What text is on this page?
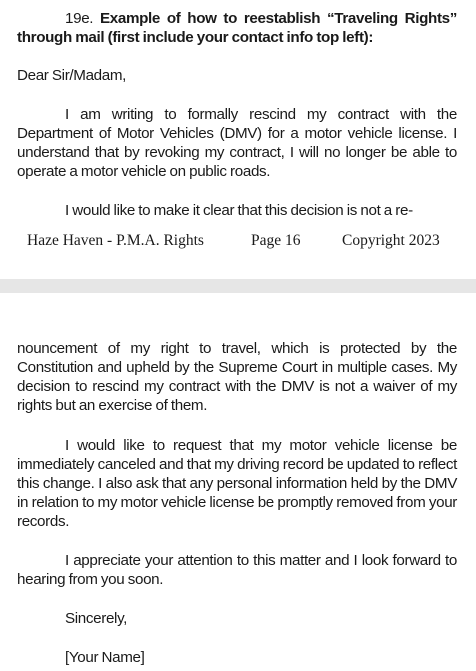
19e. Example of how to reestablish “Traveling Rights” through mail (first include your contact info top left):

Dear Sir/Madam,

I am writing to formally rescind my contract with the Department of Motor Vehicles (DMV) for a motor vehicle license. I understand that by revoking my contract, I will no longer be able to operate a motor vehicle on public roads.

I would like to make it clear that this decision is not a re-

Haze Haven - P.M.A. Rights	Page 16	Copyright 2023

nouncement of my right to travel, which is protected by the Constitution and upheld by the Supreme Court in multiple cases. My decision to rescind my contract with the DMV is not a waiver of my rights but an exercise of them.

I would like to request that my motor vehicle license be immediately canceled and that my driving record be updated to reflect this change. I also ask that any personal information held by the DMV in relation to my motor vehicle license be promptly removed from your records.

I appreciate your attention to this matter and I look forward to hearing from you soon.

Sincerely,

[Your Name]
